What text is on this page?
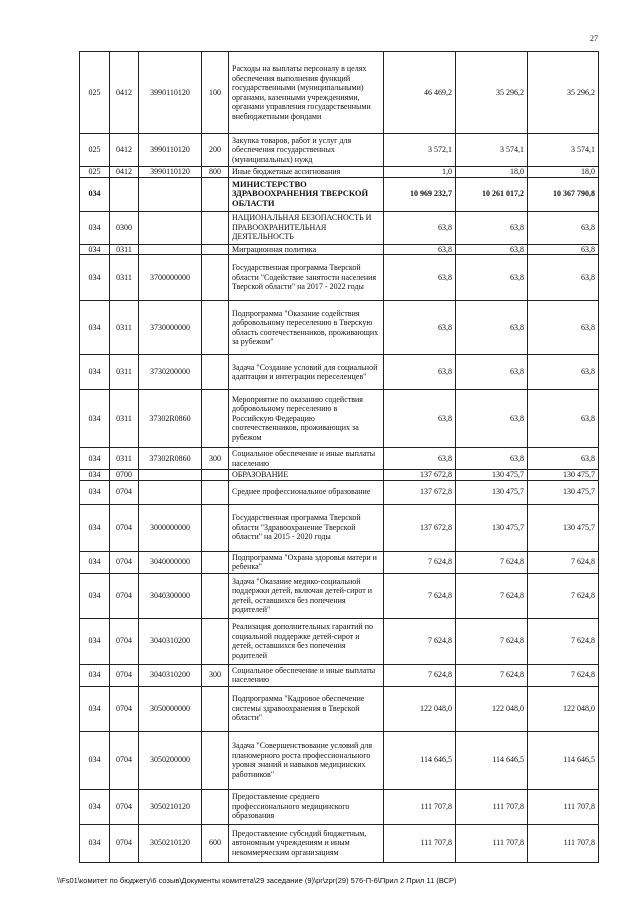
27
025	0412	3990110120	100	Расходы на выплаты персоналу в целях обеспечения выполнения функций государственными (муниципальными) органами, казенными учреждениями, органами управления государственными внебюджетными фондами	46 469,2	35 296,2	35 296,2
025	0412	3990110120	200	Закупка товаров, работ и услуг для обеспечения государственных (муниципальных) нужд	3 572,1	3 574,1	3 574,1
025	0412	3990110120	800	Иные бюджетные ассигнования	1,0	18,0	18,0
034				МИНИСТЕРСТВО ЗДРАВООХРАНЕНИЯ ТВЕРСКОЙ ОБЛАСТИ	10 969 232,7	10 261 017,2	10 367 790,8
034	0300			НАЦИОНАЛЬНАЯ БЕЗОПАСНОСТЬ И ПРАВООХРАНИТЕЛЬНАЯ ДЕЯТЕЛЬНОСТЬ	63,8	63,8	63,8
034	0311			Миграционная политика	63,8	63,8	63,8
034	0311	3700000000		Государственная программа Тверской области "Содействие занятости населения Тверской области" на 2017 - 2022 годы	63,8	63,8	63,8
034	0311	3730000000		Подпрограмма "Оказание содействия добровольному переселению в Тверскую область соотечественников, проживающих за рубежом"	63,8	63,8	63,8
034	0311	3730200000		Задача "Создание условий для социальной адаптации и интеграции переселенцев"	63,8	63,8	63,8
034	0311	37302R0860		Мероприятие по оказанию содействия добровольному переселению в Российскую Федерацию соотечественников, проживающих за рубежом	63,8	63,8	63,8
034	0311	37302R0860	300	Социальное обеспечение и иные выплаты населению	63,8	63,8	63,8
034	0700			ОБРАЗОВАНИЕ	137 672,8	130 475,7	130 475,7
034	0704			Среднее профессиональное образование	137 672,8	130 475,7	130 475,7
034	0704	3000000000		Государственная программа Тверской области "Здравоохранение Тверской области" на 2015 - 2020 годы	137 672,8	130 475,7	130 475,7
034	0704	3040000000		Подпрограмма "Охрана здоровья матери и ребенка"	7 624,8	7 624,8	7 624,8
034	0704	3040300000		Задача "Оказание медико-социальной поддержки детей, включая детей-сирот и детей, оставшихся без попечения родителей"	7 624,8	7 624,8	7 624,8
034	0704	3040310200		Реализация дополнительных гарантий по социальной поддержке детей-сирот и детей, оставшихся без попечения родителей	7 624,8	7 624,8	7 624,8
034	0704	3040310200	300	Социальное обеспечение и иные выплаты населению	7 624,8	7 624,8	7 624,8
034	0704	3050000000		Подпрограмма "Кадровое обеспечение системы здравоохранения в Тверской области"	122 048,0	122 048,0	122 048,0
034	0704	3050200000		Задача "Совершенствование условий для планомерного роста профессионального уровня знаний и навыков медицинских работников"	114 646,5	114 646,5	114 646,5
034	0704	3050210120		Предоставление среднего профессионального медицинского образования	111 707,8	111 707,8	111 707,8
034	0704	3050210120	600	Предоставление субсидий бюджетным, автономным учреждениям и иным некоммерческим организациям	111 707,8	111 707,8	111 707,8
\\Fs01\комитет по бюджету\6 созыв\Документы комитета\29 заседание (9)\pr\zpr(29) 576-П-6\Прил 2 Прил 11 (ВСР)
